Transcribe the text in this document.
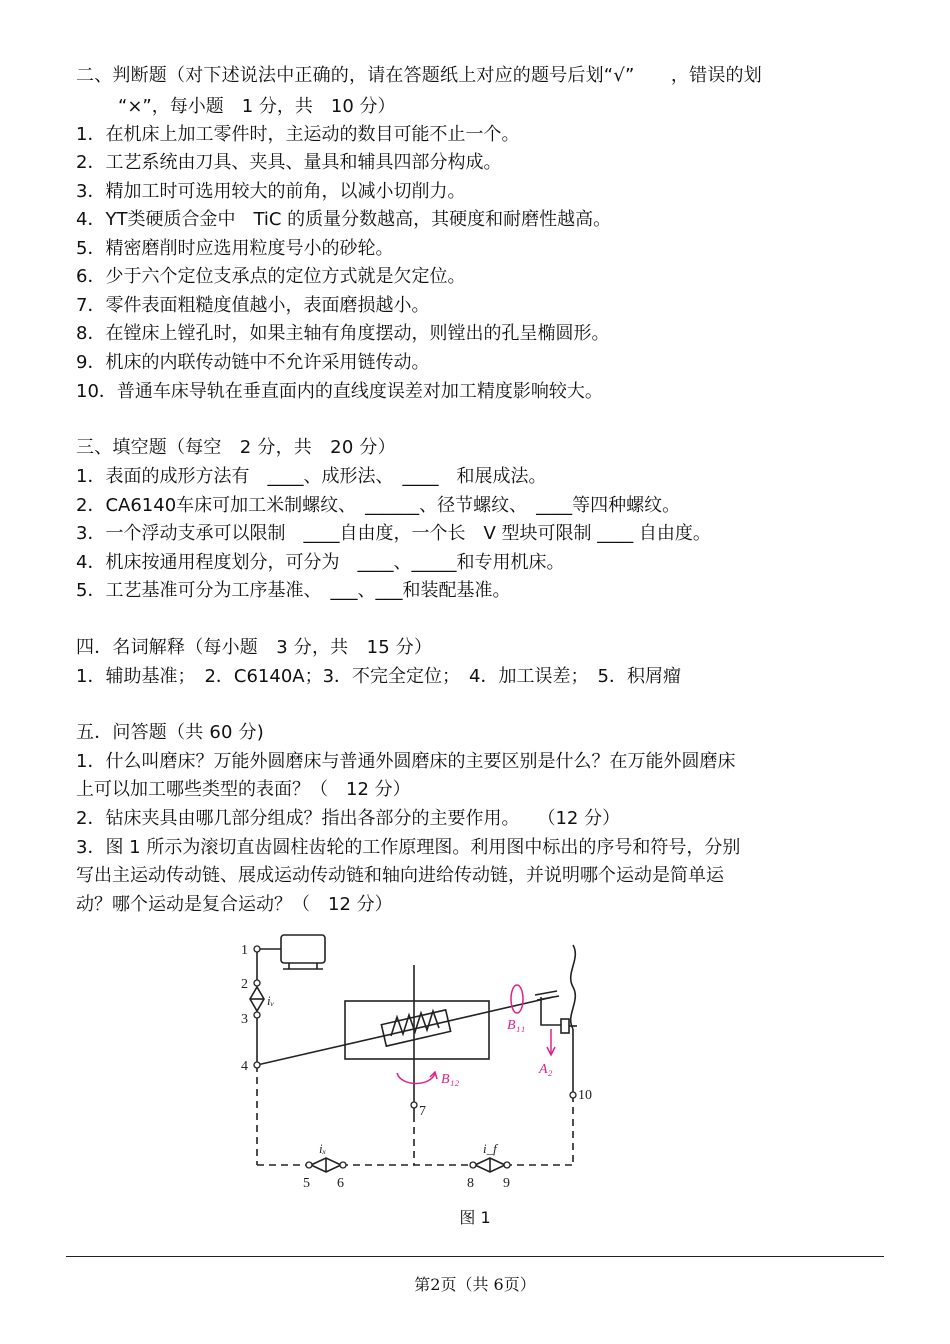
二、判断题（对下述说法中正确的，请在答题纸上对应的题号后划“√”　　，错误的划
“×”，每小题　1 分，共　10 分）
1．在机床上加工零件时，主运动的数目可能不止一个。
2．工艺系统由刀具、夹具、量具和辅具四部分构成。
3．精加工时可选用较大的前角，以减小切削力。
4．YT类硬质合金中　TiC 的质量分数越高，其硬度和耐磨性越高。
5．精密磨削时应选用粒度号小的砂轮。
6．少于六个定位支承点的定位方式就是欠定位。
7．零件表面粗糙度值越小，表面磨损越小。
8．在镗床上镗孔时，如果主轴有角度摆动，则镗出的孔呈椭圆形。
9．机床的内联传动链中不允许采用链传动。
10．普通车床导轨在垂直面内的直线度误差对加工精度影响较大。
三、填空题（每空　2 分，共　20 分）
1．表面的成形方法有　____、成形法、　____　和展成法。
2．CA6140车床可加工米制螺纹、　______、径节螺纹、　____等四种螺纹。
3．一个浮动支承可以限制　____自由度，一个长　V 型块可限制 ____ 自由度。
4．机床按通用程度划分，可分为　____、_____和专用机床。
5．工艺基准可分为工序基准、　___、___和装配基准。
四．名词解释（每小题　3 分，共　15 分）
1．辅助基准；　2．C6140A；3．不完全定位；　4．加工误差；　5．积屑瘤
五．问答题（共 60 分)
1．什么叫磨床？万能外圆磨床与普通外圆磨床的主要区别是什么？在万能外圆磨床
上可以加工哪些类型的表面？（　12 分）
2．钻床夹具由哪几部分组成？指出各部分的主要作用。　　（12 分）
3．图 1 所示为滚切直齿圆柱齿轮的工作原理图。利用图中标出的序号和符号，分别
写出主运动传动链、展成运动传动链和轴向进给传动链，并说明哪个运动是简单运
动？哪个运动是复合运动？（　12 分）
1
2
3
4
5 6
7
8 9
10
iᵥ
iₓ	i_f
B₁₁
B₁₂
A₂
图 1
第2页（共 6页）
